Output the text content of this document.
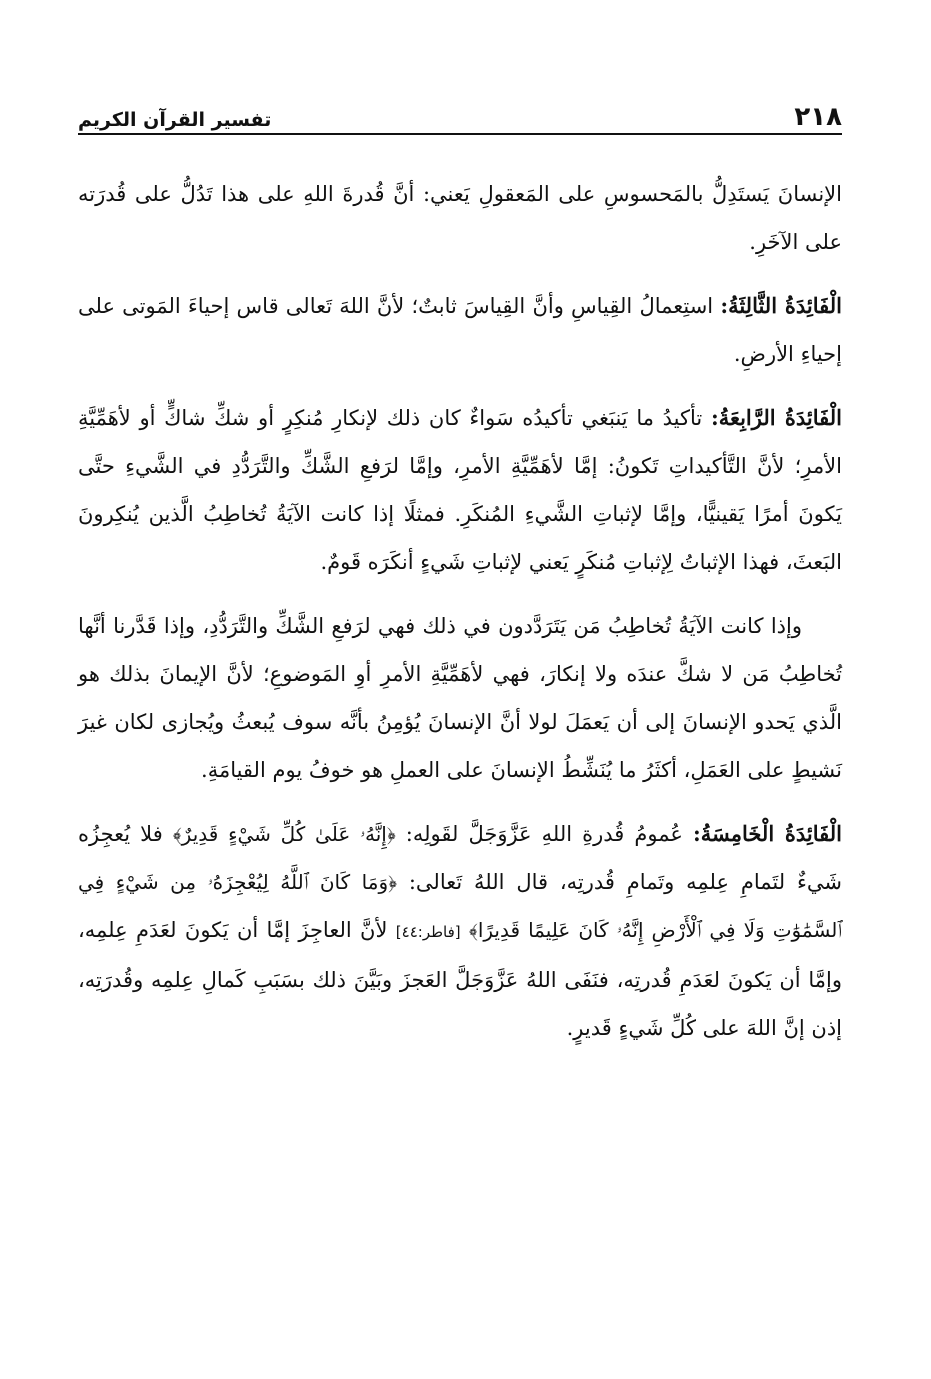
٢١٨
تفسير القرآن الكريم

الإنسانَ يَستَدِلُّ بالمَحسوسِ على المَعقولِ يَعني: أنَّ قُدرةَ اللهِ على هذا تَدُلُّ على قُدرَته على الآخَرِ.

الْفَائِدَةُ الثَّالِثَةُ: استِعمالُ القِياسِ وأنَّ القِياسَ ثابتٌ؛ لأنَّ اللهَ تَعالى قاس إحياءَ المَوتى على إحياءِ الأرضِ.

الْفَائِدَةُ الرَّابِعَةُ: تأكيدُ ما يَنبَغي تأكيدُه سَواءٌ كان ذلك لإنكارِ مُنكِرٍ أو شكِّ شاكٍّ أو لأهَمِّيَّةِ الأمرِ؛ لأنَّ التَّأكيداتِ تَكونُ: إمَّا لأهَمِّيَّةِ الأمرِ، وإمَّا لرَفعِ الشَّكِّ والتَّرَدُّدِ في الشَّيءِ حتَّى يَكونَ أمرًا يَقينيًّا، وإمَّا لإثباتِ الشَّيءِ المُنكَرِ. فمثلًا إذا كانت الآيَةُ تُخاطِبُ الَّذين يُنكِرونَ البَعثَ، فهذا الإثباتُ لِإثباتِ مُنكَرٍ يَعني لإثباتِ شَيءٍ أنكَرَه قَومٌ.

وإذا كانت الآيَةُ تُخاطِبُ مَن يَتَرَدَّدون في ذلك فهي لرَفعِ الشَّكِّ والتَّرَدُّدِ، وإذا قَدَّرنا أنَّها تُخاطِبُ مَن لا شكَّ عندَه ولا إنكارَ، فهي لأهَمِّيَّةِ الأمرِ أوِ المَوضوعِ؛ لأنَّ الإيمانَ بذلك هو الَّذي يَحدو الإنسانَ إلى أن يَعمَلَ لولا أنَّ الإنسانَ يُؤمِنُ بأنَّه سوف يُبعثُ ويُجازى لكان غيرَ نَشيطٍ على العَمَلِ، أكثَرُ ما يُنَشِّطُ الإنسانَ على العملِ هو خوفُ يوم القيامَةِ.

الْفَائِدَةُ الْخَامِسَةُ: عُمومُ قُدرةِ اللهِ عَزَّوَجَلَّ لقَولِه: ﴿إِنَّهُۥ عَلَىٰ كُلِّ شَيْءٍ قَدِيرٌ﴾ فلا يُعجِزُه شَيءٌ لتَمامِ عِلمِه وتَمامِ قُدرتِه، قال اللهُ تَعالى: ﴿وَمَا كَانَ ٱللَّهُ لِيُعْجِزَهُۥ مِن شَيْءٍ فِي ٱلسَّمَٰوَٰتِ وَلَا فِي ٱلْأَرْضِ إِنَّهُۥ كَانَ عَلِيمًا قَدِيرًا﴾ [فاطر:٤٤] لأنَّ العاجِزَ إمَّا أن يَكونَ لعَدَمِ عِلمِه، وإمَّا أن يَكونَ لعَدَمِ قُدرتِه، فنَفَى اللهُ عَزَّوَجَلَّ العَجزَ وبَيَّنَ ذلك بسَبَبِ كَمالِ عِلمِه وقُدرَتِه، إذن إنَّ اللهَ على كُلِّ شَيءٍ قَديرٍ.
